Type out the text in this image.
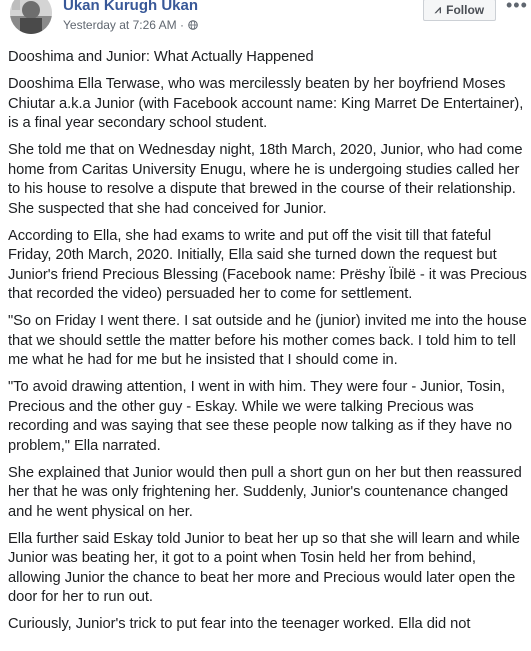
Ukan Kurugh Ukan
Yesterday at 7:26 AM ·
⩘ Follow •••

Dooshima and Junior: What Actually Happened

Dooshima Ella Terwase, who was mercilessly beaten by her boyfriend Moses Chiutar a.k.a Junior (with Facebook account name: King Marret De Entertainer), is a final year secondary school student.

She told me that on Wednesday night, 18th March, 2020, Junior, who had come home from Caritas University Enugu, where he is undergoing studies called her to his house to resolve a dispute that brewed in the course of their relationship. She suspected that she had conceived for Junior.

According to Ella, she had exams to write and put off the visit till that fateful Friday, 20th March, 2020. Initially, Ella said she turned down the request but Junior's friend Precious Blessing (Facebook name: Prëshy Ïbilë - it was Precious that recorded the video) persuaded her to come for settlement.

"So on Friday I went there. I sat outside and he (junior) invited me into the house that we should settle the matter before his mother comes back. I told him to tell me what he had for me but he insisted that I should come in.

"To avoid drawing attention, I went in with him. They were four - Junior, Tosin, Precious and the other guy - Eskay. While we were talking Precious was recording and was saying that see these people now talking as if they have no problem," Ella narrated.

She explained that Junior would then pull a short gun on her but then reassured her that he was only frightening her. Suddenly, Junior's countenance changed and he went physical on her.

Ella further said Eskay told Junior to beat her up so that she will learn and while Junior was beating her, it got to a point when Tosin held her from behind, allowing Junior the chance to beat her more and Precious would later open the door for her to run out.

Curiously, Junior's trick to put fear into the teenager worked. Ella did not
